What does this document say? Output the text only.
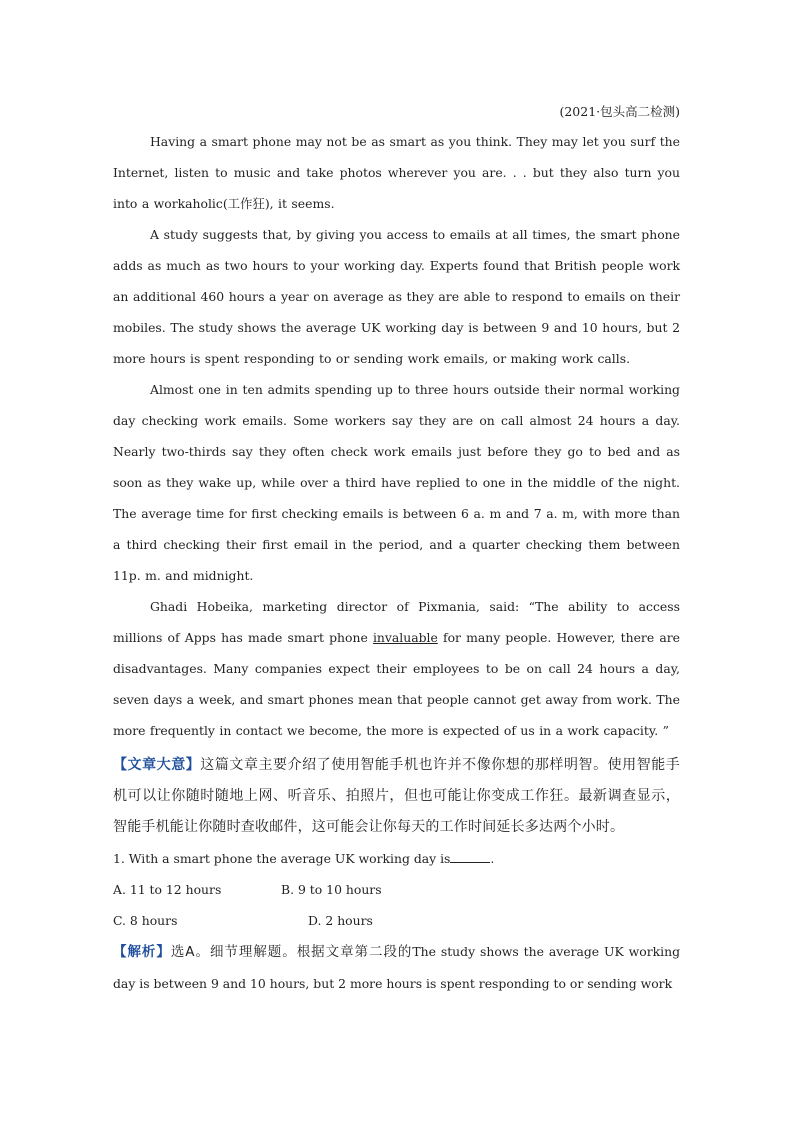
(2021·包头高二检测)

Having a smart phone may not be as smart as you think. They may let you surf the Internet, listen to music and take photos wherever you are. . . but they also turn you into a workaholic(工作狂), it seems.

A study suggests that, by giving you access to emails at all times, the smart phone adds as much as two hours to your working day. Experts found that British people work an additional 460 hours a year on average as they are able to respond to emails on their mobiles. The study shows the average UK working day is between 9 and 10 hours, but 2 more hours is spent responding to or sending work emails, or making work calls.

Almost one in ten admits spending up to three hours outside their normal working day checking work emails. Some workers say they are on call almost 24 hours a day. Nearly two-thirds say they often check work emails just before they go to bed and as soon as they wake up, while over a third have replied to one in the middle of the night. The average time for first checking emails is between 6 a. m and 7 a. m, with more than a third checking their first email in the period, and a quarter checking them between 11p. m. and midnight.

Ghadi Hobeika, marketing director of Pixmania, said: “The ability to access millions of Apps has made smart phone invaluable for many people. However, there are disadvantages. Many companies expect their employees to be on call 24 hours a day, seven days a week, and smart phones mean that people cannot get away from work. The more frequently in contact we become, the more is expected of us in a work capacity. ”

【文章大意】这篇文章主要介绍了使用智能手机也许并不像你想的那样明智。使用智能手机可以让你随时随地上网、听音乐、拍照片，但也可能让你变成工作狂。最新调查显示，智能手机能让你随时查收邮件，这可能会让你每天的工作时间延长多达两个小时。

1. With a smart phone the average UK working day is	.

A. 11 to 12 hours	B. 9 to 10 hours

C. 8 hours	D. 2 hours

【解析】选A。细节理解题。根据文章第二段的The study shows the average UK working day is between 9 and 10 hours, but 2 more hours is spent responding to or sending work
